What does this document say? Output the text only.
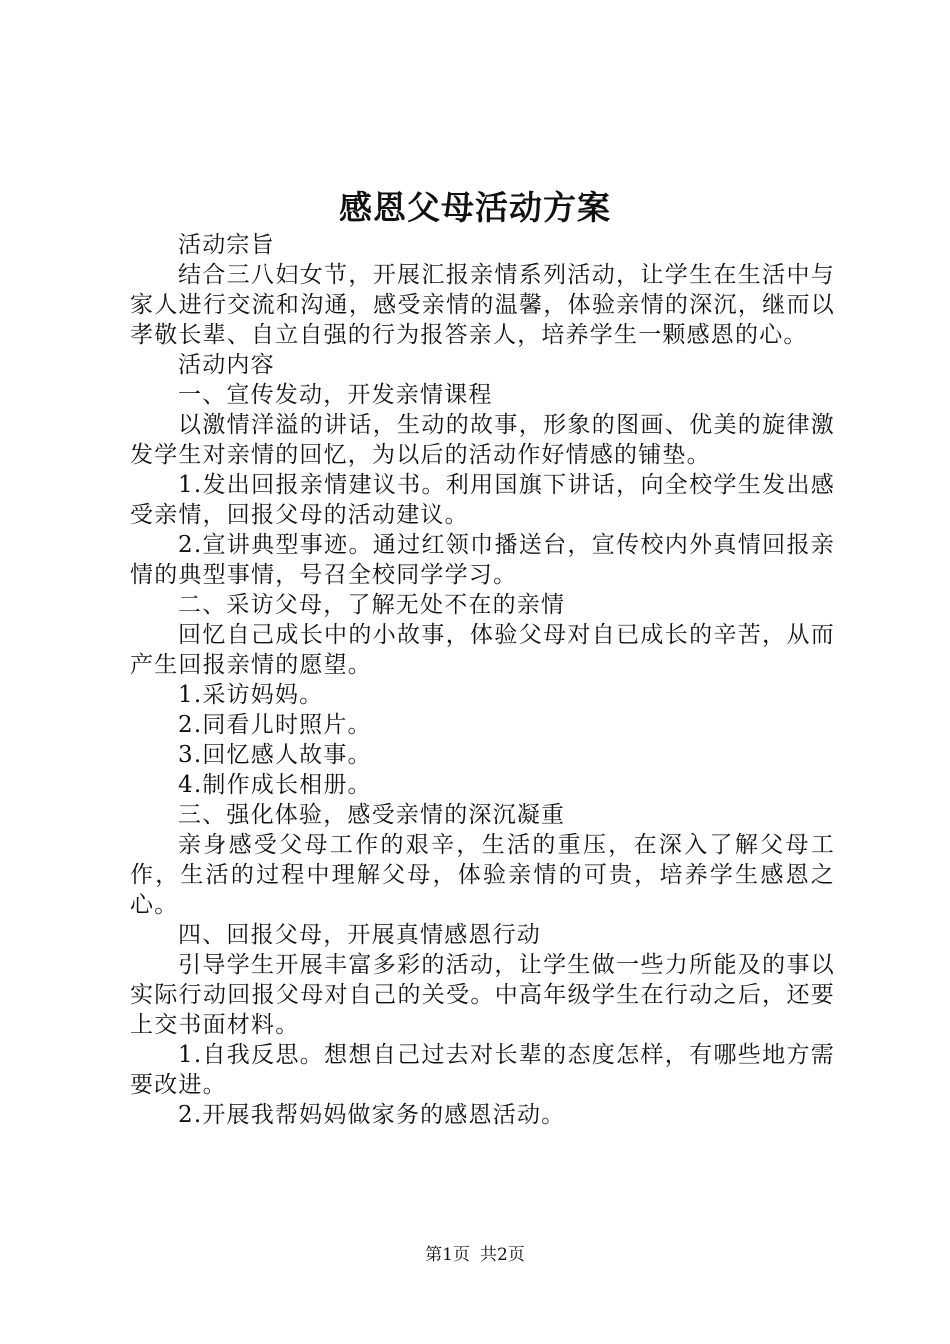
感恩父母活动方案

活动宗旨

结合三八妇女节，开展汇报亲情系列活动，让学生在生活中与家人进行交流和沟通，感受亲情的温馨，体验亲情的深沉，继而以孝敬长辈、自立自强的行为报答亲人，培养学生一颗感恩的心。

活动内容

一、宣传发动，开发亲情课程

以激情洋溢的讲话，生动的故事，形象的图画、优美的旋律激发学生对亲情的回忆，为以后的活动作好情感的铺垫。

1.发出回报亲情建议书。利用国旗下讲话，向全校学生发出感受亲情，回报父母的活动建议。

2.宣讲典型事迹。通过红领巾播送台，宣传校内外真情回报亲情的典型事情，号召全校同学学习。

二、采访父母，了解无处不在的亲情

回忆自己成长中的小故事，体验父母对自已成长的辛苦，从而产生回报亲情的愿望。

1.采访妈妈。

2.同看儿时照片。

3.回忆感人故事。

4.制作成长相册。

三、强化体验，感受亲情的深沉凝重

亲身感受父母工作的艰辛，生活的重压，在深入了解父母工作，生活的过程中理解父母，体验亲情的可贵，培养学生感恩之心。

四、回报父母，开展真情感恩行动

引导学生开展丰富多彩的活动，让学生做一些力所能及的事以实际行动回报父母对自己的关受。中高年级学生在行动之后，还要上交书面材料。

1.自我反思。想想自己过去对长辈的态度怎样，有哪些地方需要改进。

2.开展我帮妈妈做家务的感恩活动。

第1页 共2页
